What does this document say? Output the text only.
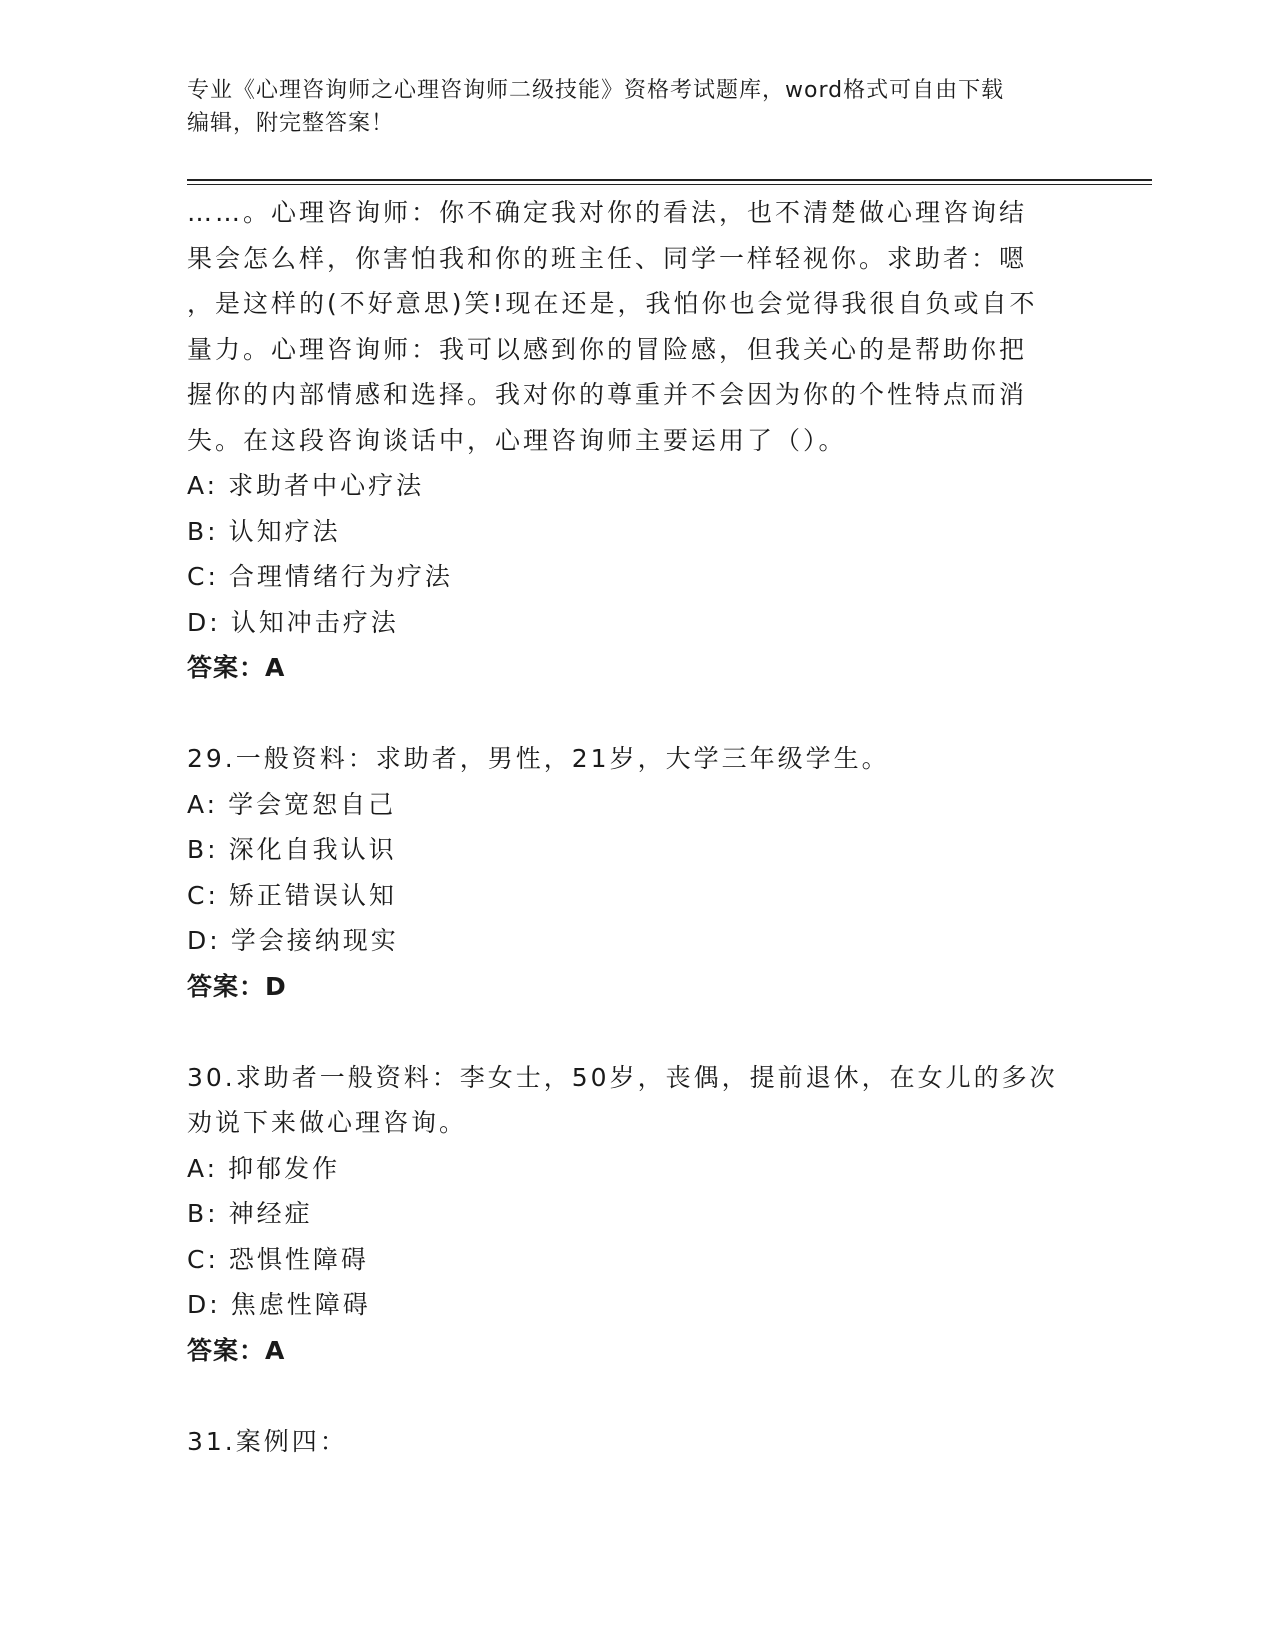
专业《心理咨询师之心理咨询师二级技能》资格考试题库，word格式可自由下载

编辑，附完整答案！

……。心理咨询师：你不确定我对你的看法，也不清楚做心理咨询结
果会怎么样，你害怕我和你的班主任、同学一样轻视你。求助者：嗯
，是这样的(不好意思)笑!现在还是，我怕你也会觉得我很自负或自不
量力。心理咨询师：我可以感到你的冒险感，但我关心的是帮助你把
握你的内部情感和选择。我对你的尊重并不会因为你的个性特点而消
失。在这段咨询谈话中，心理咨询师主要运用了（）。
A: 求助者中心疗法
B: 认知疗法
C: 合理情绪行为疗法
D: 认知冲击疗法
答案：A
29.一般资料：求助者，男性，21岁，大学三年级学生。
A: 学会宽恕自己
B: 深化自我认识
C: 矫正错误认知
D: 学会接纳现实
答案：D
30.求助者一般资料：李女士，50岁，丧偶，提前退休，在女儿的多次
劝说下来做心理咨询。
A: 抑郁发作
B: 神经症
C: 恐惧性障碍
D: 焦虑性障碍
答案：A
31.案例四：
